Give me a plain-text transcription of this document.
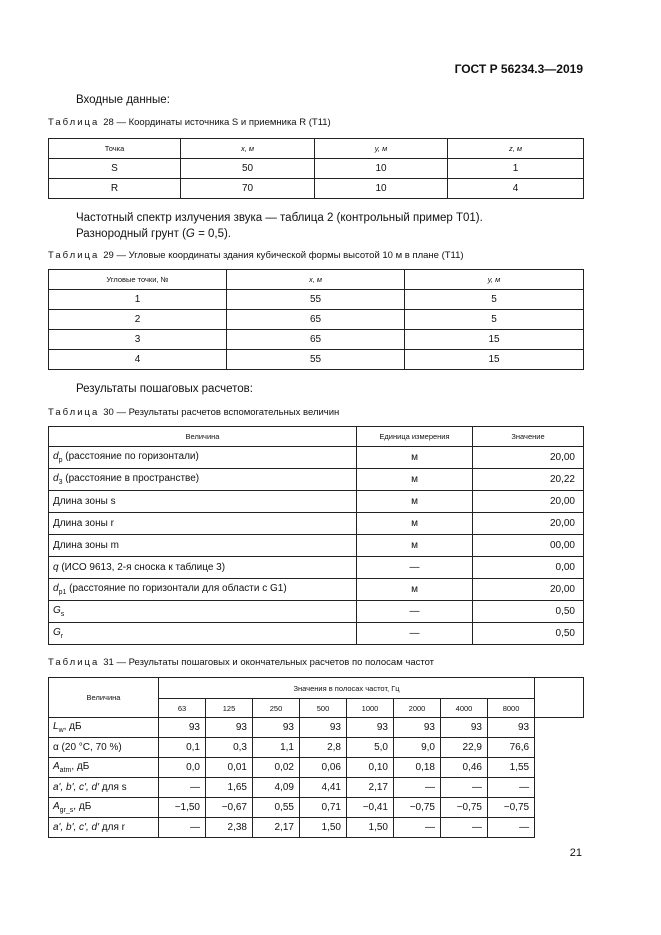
ГОСТ Р 56234.3—2019
Входные данные:
Таблица 28 — Координаты источника S и приемника R (T11)
Точка	x, м	y, м	z, м
S	50	10	1
R	70	10	4
Частотный спектр излучения звука — таблица 2 (контрольный пример T01).
Разнородный грунт (G = 0,5).
Таблица 29 — Угловые координаты здания кубической формы высотой 10 м в плане (T11)
Угловые точки, №	x, м	y, м
1	55	5
2	65	5
3	65	15
4	55	15
Результаты пошаговых расчетов:
Таблица 30 — Результаты расчетов вспомогательных величин
Величина	Единица измерения	Значение
$d_p$ (расстояние по горизонтали)	м	20,00
$d_3$ (расстояние в пространстве)	м	20,22
Длина зоны s	м	20,00
Длина зоны r	м	20,00
Длина зоны m	м	00,00
q (ИСО 9613, 2-я сноска к таблице 3)	—	0,00
$d_{p1}$ (расстояние по горизонтали для области с G1)	м	20,00
$G_s$	—	0,50
$G_r$	—	0,50
Таблица 31 — Результаты пошаговых и окончательных расчетов по полосам частот
Величина	Значения в полосах частот, Гц								
	63	125	250	500	1000	2000	4000	8000	
$L_w$, дБ	93	93	93	93	93	93	93	93	
α (20 °С, 70 %)	0,1	0,3	1,1	2,8	5,0	9,0	22,9	76,6	
$A_{atm}$, дБ	0,0	0,01	0,02	0,06	0,10	0,18	0,46	1,55	
a', b', c', d' для s	—	1,65	4,09	4,41	2,17	—	—	—	
$A_{gr\_s}$, дБ	−1,50	−0,67	0,55	0,71	−0,41	−0,75	−0,75	−0,75	
a', b', c', d' для r	—	2,38	2,17	1,50	1,50	—	—	—	
21
